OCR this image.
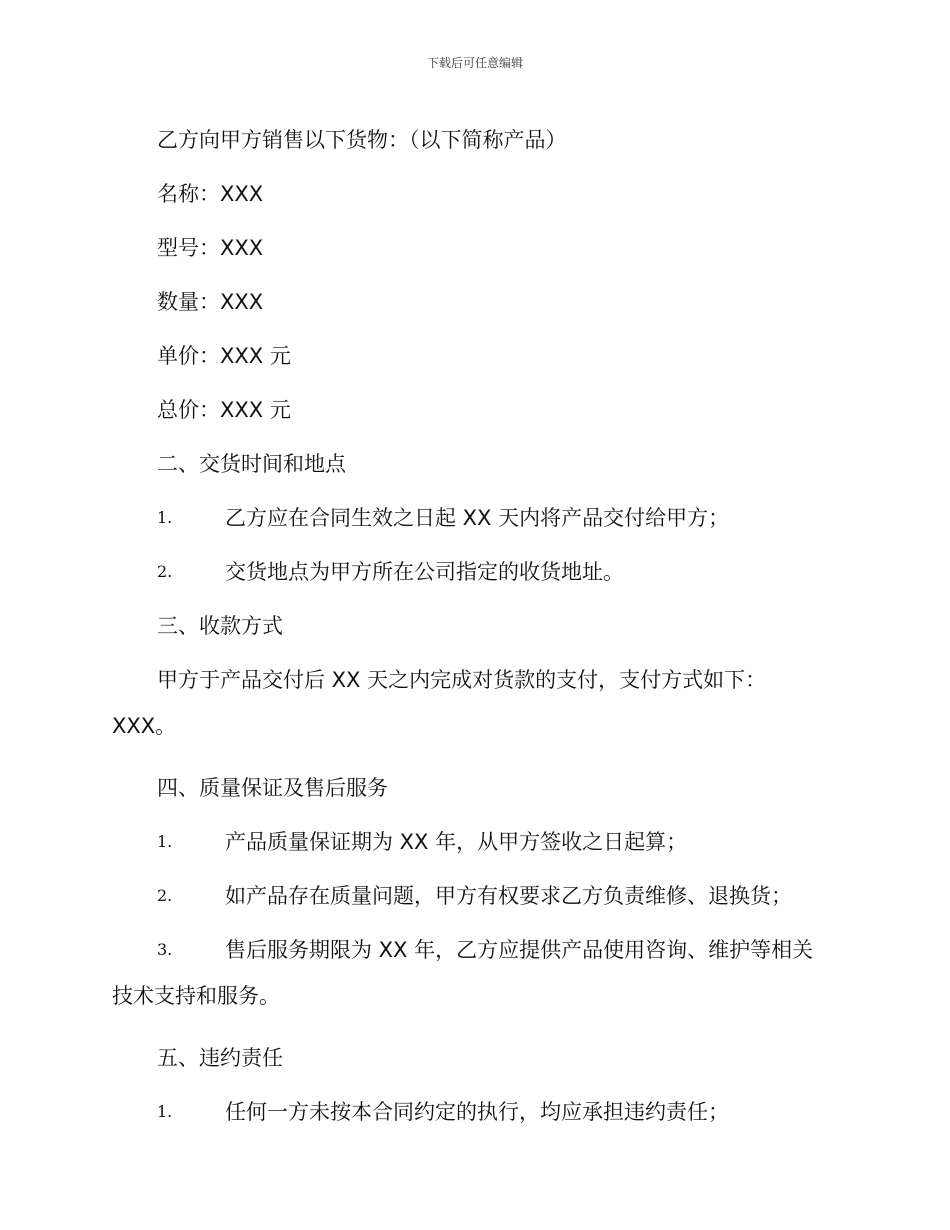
下载后可任意编辑

乙方向甲方销售以下货物：（以下简称产品）

名称：XXX

型号：XXX

数量：XXX

单价：XXX 元

总价：XXX 元

二、交货时间和地点

1.	乙方应在合同生效之日起 XX 天内将产品交付给甲方；
2.	交货地点为甲方所在公司指定的收货地址。

三、收款方式

甲方于产品交付后 XX 天之内完成对货款的支付，支付方式如下：
XXX。

四、质量保证及售后服务

1.	产品质量保证期为 XX 年，从甲方签收之日起算；
2.	如产品存在质量问题，甲方有权要求乙方负责维修、退换货；
3.	售后服务期限为 XX 年，乙方应提供产品使用咨询、维护等相关
技术支持和服务。

五、违约责任

1.	任何一方未按本合同约定的执行，均应承担违约责任；
